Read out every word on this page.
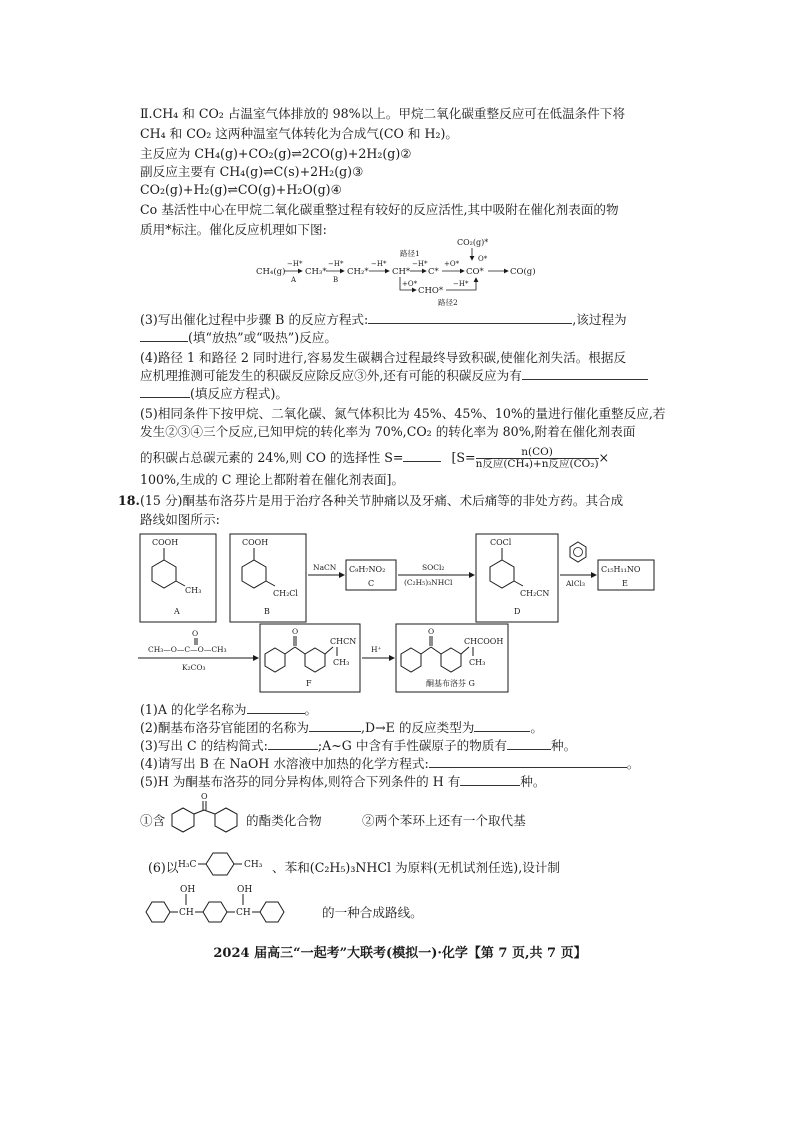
Ⅱ.CH₄ 和 CO₂ 占温室气体排放的 98%以上。甲烷二氧化碳重整反应可在低温条件下将
CH₄ 和 CO₂ 这两种温室气体转化为合成气(CO 和 H₂)。
主反应为 CH₄(g)+CO₂(g)⇌2CO(g)+2H₂(g)②
副反应主要有 CH₄(g)⇌C(s)+2H₂(g)③
CO₂(g)+H₂(g)⇌CO(g)+H₂O(g)④
Co 基活性中心在甲烷二氧化碳重整过程有较好的反应活性,其中吸附在催化剂表面的物
质用*标注。催化反应机理如下图:
CO₂(g)*
O*
路径1
CH₄(g)
−H*
A
CH₃*
−H*
B
CH₂*
−H*
CH*
−H*
C*
+O*
CO*	CO(g)
+O*
CHO*
−H*
路径2
(3)写出催化过程中步骤 B 的反应方程式:	,该过程为
(填“放热”或“吸热”)反应。
(4)路径 1 和路径 2 同时进行,容易发生碳耦合过程最终导致积碳,使催化剂失活。根据反
应机理推测可能发生的积碳反应除反应③外,还有可能的积碳反应为有
(填反应方程式)。
(5)相同条件下按甲烷、二氧化碳、氮气体积比为 45%、45%、10%的量进行催化重整反应,若
发生②③④三个反应,已知甲烷的转化率为 70%,CO₂ 的转化率为 80%,附着在催化剂表面
的积碳占总碳元素的 24%,则 CO 的选择性 S=	[$S= \frac{n(CO)}{\text{n反应(CH₄)+n反应(CO₂)}}$ ×
100%,生成的 C 理论上都附着在催化剂表面]。
18. (15 分)酮基布洛芬片是用于治疗各种关节肿痛以及牙痛、术后痛等的非处方药。其合成
路线如图所示:
COOH
CH₃
A
COOH
CH₂Cl
B
NaCN C₉H₇NO₂
C
SOCl₂
(C₂H₅)₃NHCl
COCl
CH₂CN
D
AlCl₃
C₁₅H₁₁NO
E
O
CH₃—O—C—O—CH₃
K₂CO₃
O
CHCN
CH₃
F
H⁺
O
CHCOOH
CH₃
酮基布洛芬 G
(1)A 的化学名称为	。
(2)酮基布洛芬官能团的名称为	,D→E 的反应类型为	。
(3)写出 C 的结构简式:	;A~G 中含有手性碳原子的物质有	种。
(4)请写出 B 在 NaOH 水溶液中加热的化学方程式:	。
(5)H 为酮基布洛芬的同分异构体,则符合下列条件的 H 有	种。
①含
O
的酯类化合物	②两个苯环上还有一个取代基
(6)以 H₃C	CH₃ 、苯和(C₂H₅)₃NHCl 为原料(无机试剂任选),设计制
CH
OH
CH
OH
的一种合成路线。
2024 届高三“一起考”大联考(模拟一)·化学【第 7 页,共 7 页】
